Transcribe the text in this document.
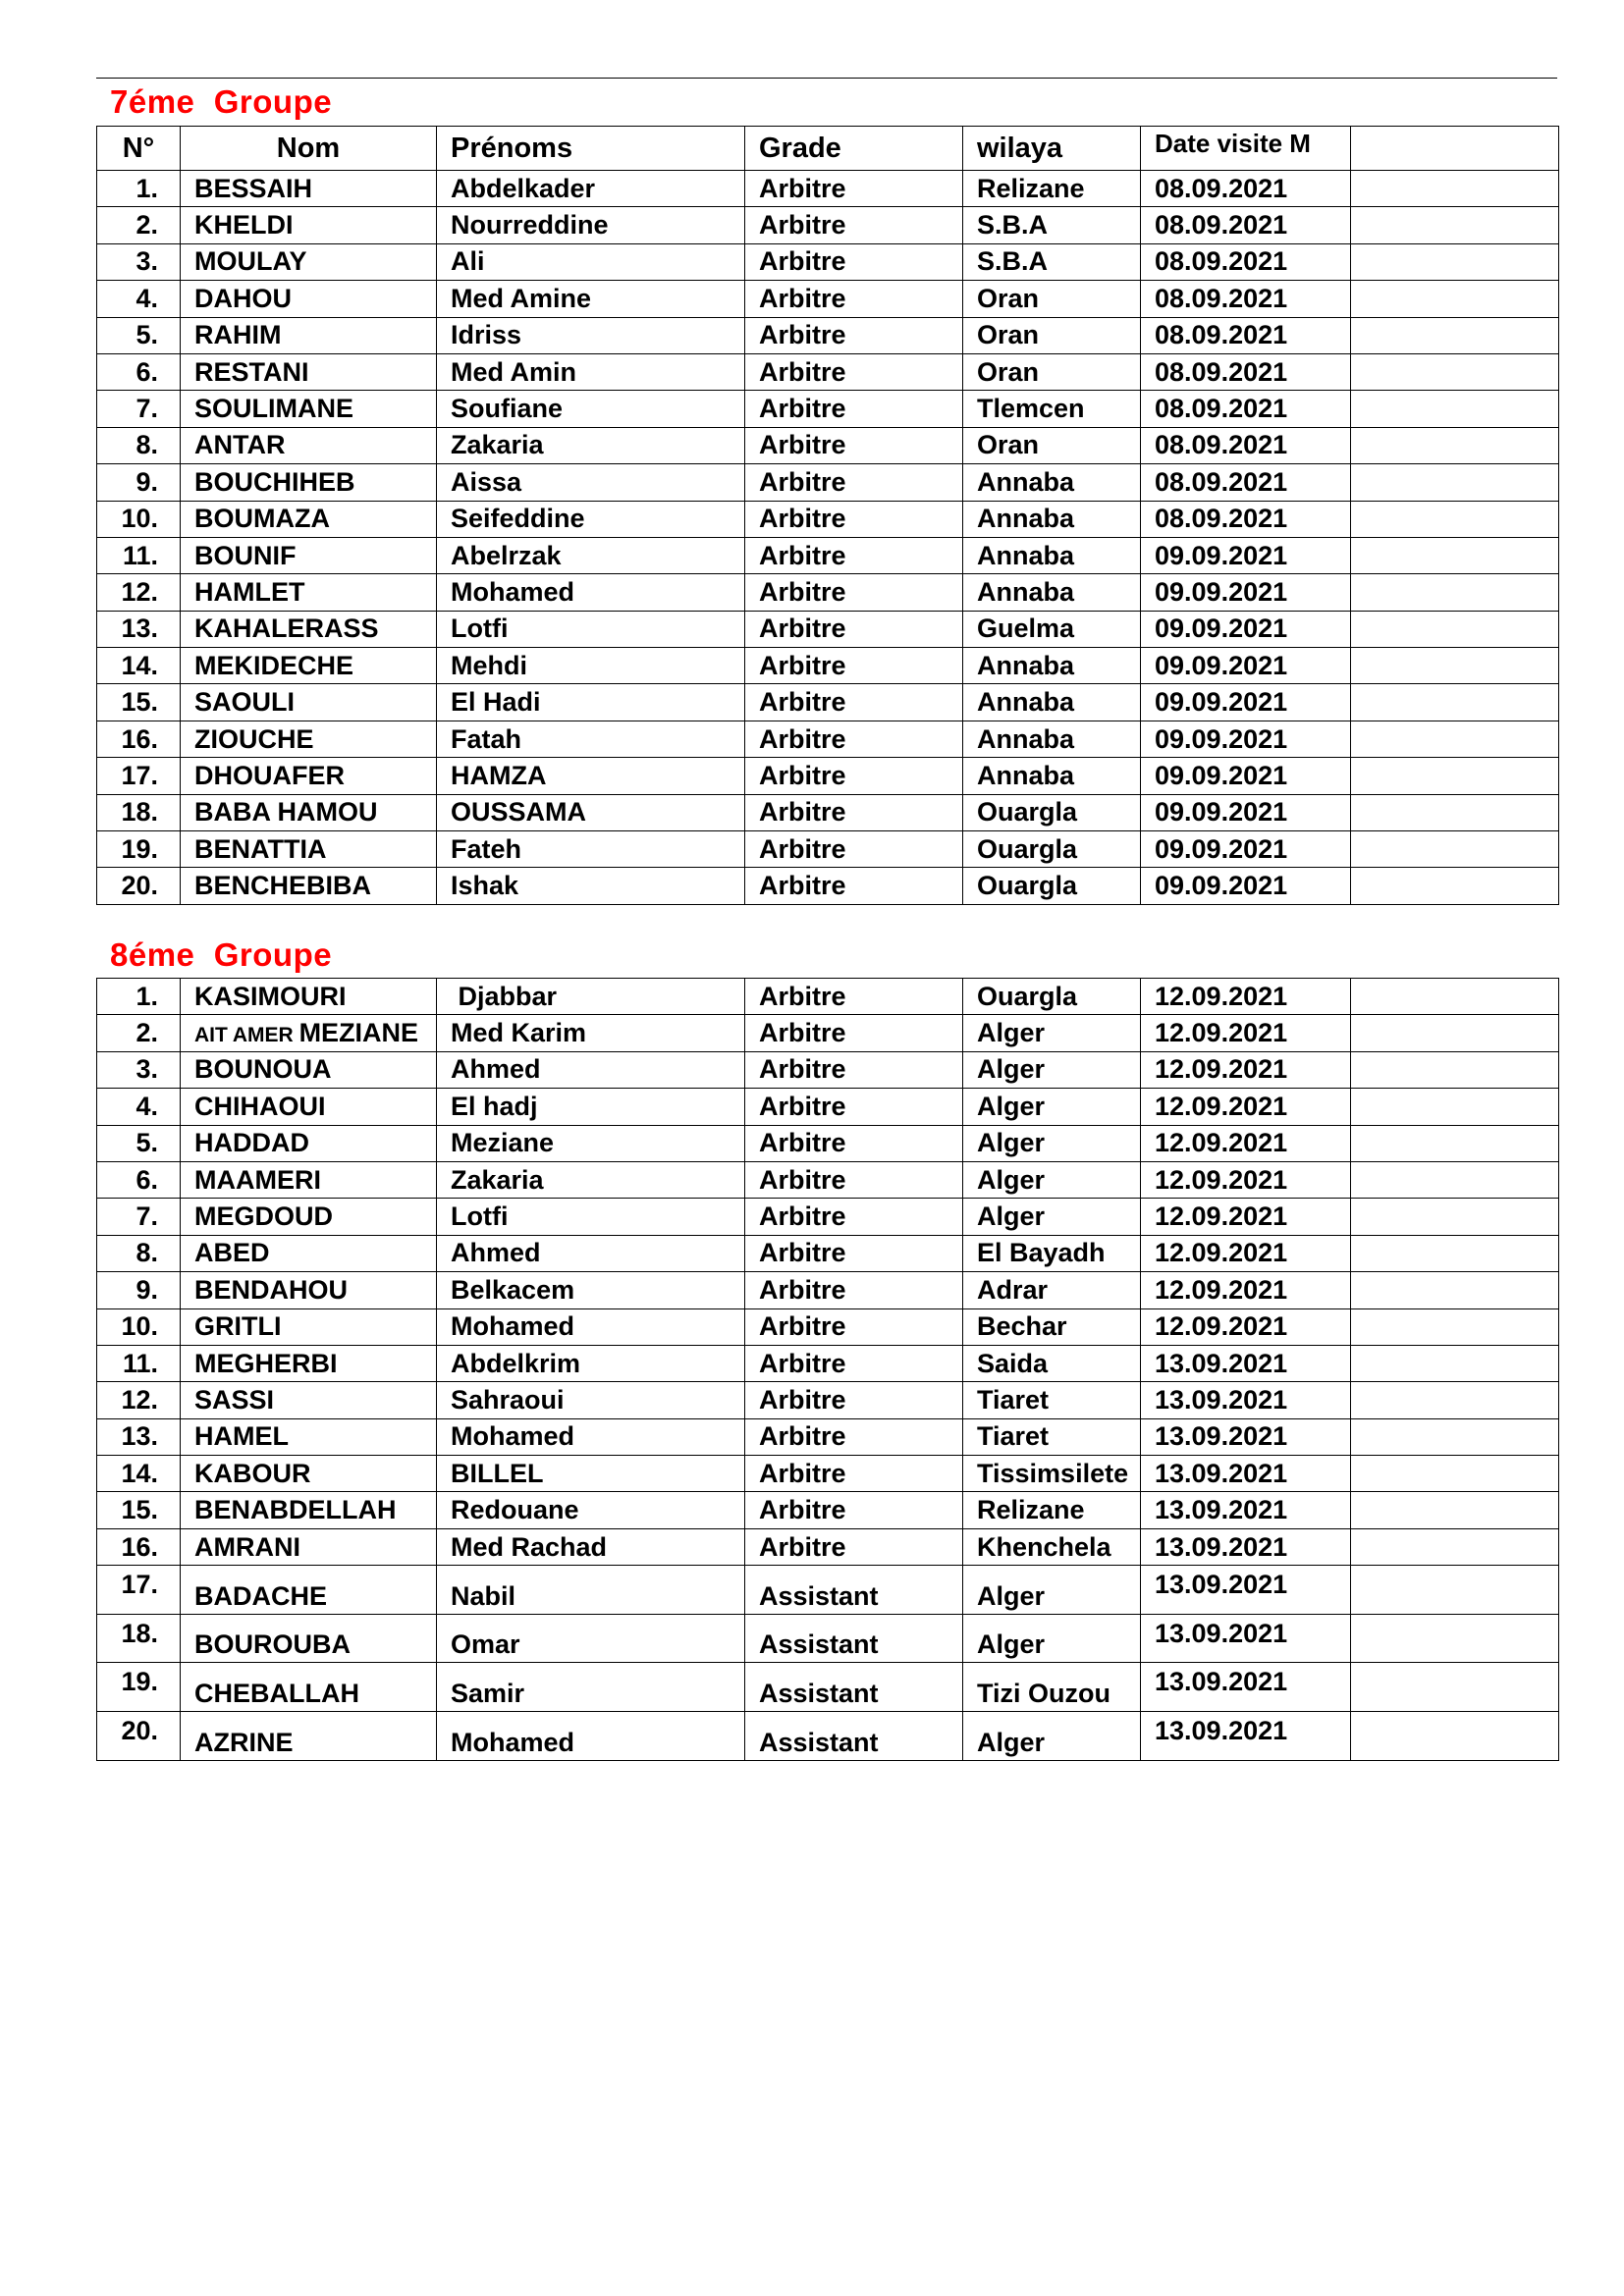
7éme  Groupe
N°	Nom	Prénoms	Grade	wilaya	Date visite M	
1.	BESSAIH	Abdelkader	Arbitre	Relizane	08.09.2021	
2.	KHELDI	Nourreddine	Arbitre	S.B.A	08.09.2021	
3.	MOULAY	Ali	Arbitre	S.B.A	08.09.2021	
4.	DAHOU	Med Amine	Arbitre	Oran	08.09.2021	
5.	RAHIM	Idriss	Arbitre	Oran	08.09.2021	
6.	RESTANI	Med Amin	Arbitre	Oran	08.09.2021	
7.	SOULIMANE	Soufiane	Arbitre	Tlemcen	08.09.2021	
8.	ANTAR	Zakaria	Arbitre	Oran	08.09.2021	
9.	BOUCHIHEB	Aissa	Arbitre	Annaba	08.09.2021	
10.	BOUMAZA	Seifeddine	Arbitre	Annaba	08.09.2021	
11.	BOUNIF	Abelrzak	Arbitre	Annaba	09.09.2021	
12.	HAMLET	Mohamed	Arbitre	Annaba	09.09.2021	
13.	KAHALERASS	Lotfi	Arbitre	Guelma	09.09.2021	
14.	MEKIDECHE	Mehdi	Arbitre	Annaba	09.09.2021	
15.	SAOULI	El Hadi	Arbitre	Annaba	09.09.2021	
16.	ZIOUCHE	Fatah	Arbitre	Annaba	09.09.2021	
17.	DHOUAFER	HAMZA	Arbitre	Annaba	09.09.2021	
18.	BABA HAMOU	OUSSAMA	Arbitre	Ouargla	09.09.2021	
19.	BENATTIA	Fateh	Arbitre	Ouargla	09.09.2021	
20.	BENCHEBIBA	Ishak	Arbitre	Ouargla	09.09.2021	
8éme  Groupe
1.	KASIMOURI	Djabbar	Arbitre	Ouargla	12.09.2021	
2.	AIT AMER MEZIANE	Med Karim	Arbitre	Alger	12.09.2021	
3.	BOUNOUA	Ahmed	Arbitre	Alger	12.09.2021	
4.	CHIHAOUI	El hadj	Arbitre	Alger	12.09.2021	
5.	HADDAD	Meziane	Arbitre	Alger	12.09.2021	
6.	MAAMERI	Zakaria	Arbitre	Alger	12.09.2021	
7.	MEGDOUD	Lotfi	Arbitre	Alger	12.09.2021	
8.	ABED	Ahmed	Arbitre	El Bayadh	12.09.2021	
9.	BENDAHOU	Belkacem	Arbitre	Adrar	12.09.2021	
10.	GRITLI	Mohamed	Arbitre	Bechar	12.09.2021	
11.	MEGHERBI	Abdelkrim	Arbitre	Saida	13.09.2021	
12.	SASSI	Sahraoui	Arbitre	Tiaret	13.09.2021	
13.	HAMEL	Mohamed	Arbitre	Tiaret	13.09.2021	
14.	KABOUR	BILLEL	Arbitre	Tissimsilete	13.09.2021	
15.	BENABDELLAH	Redouane	Arbitre	Relizane	13.09.2021	
16.	AMRANI	Med Rachad	Arbitre	Khenchela	13.09.2021	
17.	BADACHE	Nabil	Assistant	Alger	13.09.2021	
18.	BOUROUBA	Omar	Assistant	Alger	13.09.2021	
19.	CHEBALLAH	Samir	Assistant	Tizi Ouzou	13.09.2021	
20.	AZRINE	Mohamed	Assistant	Alger	13.09.2021	
